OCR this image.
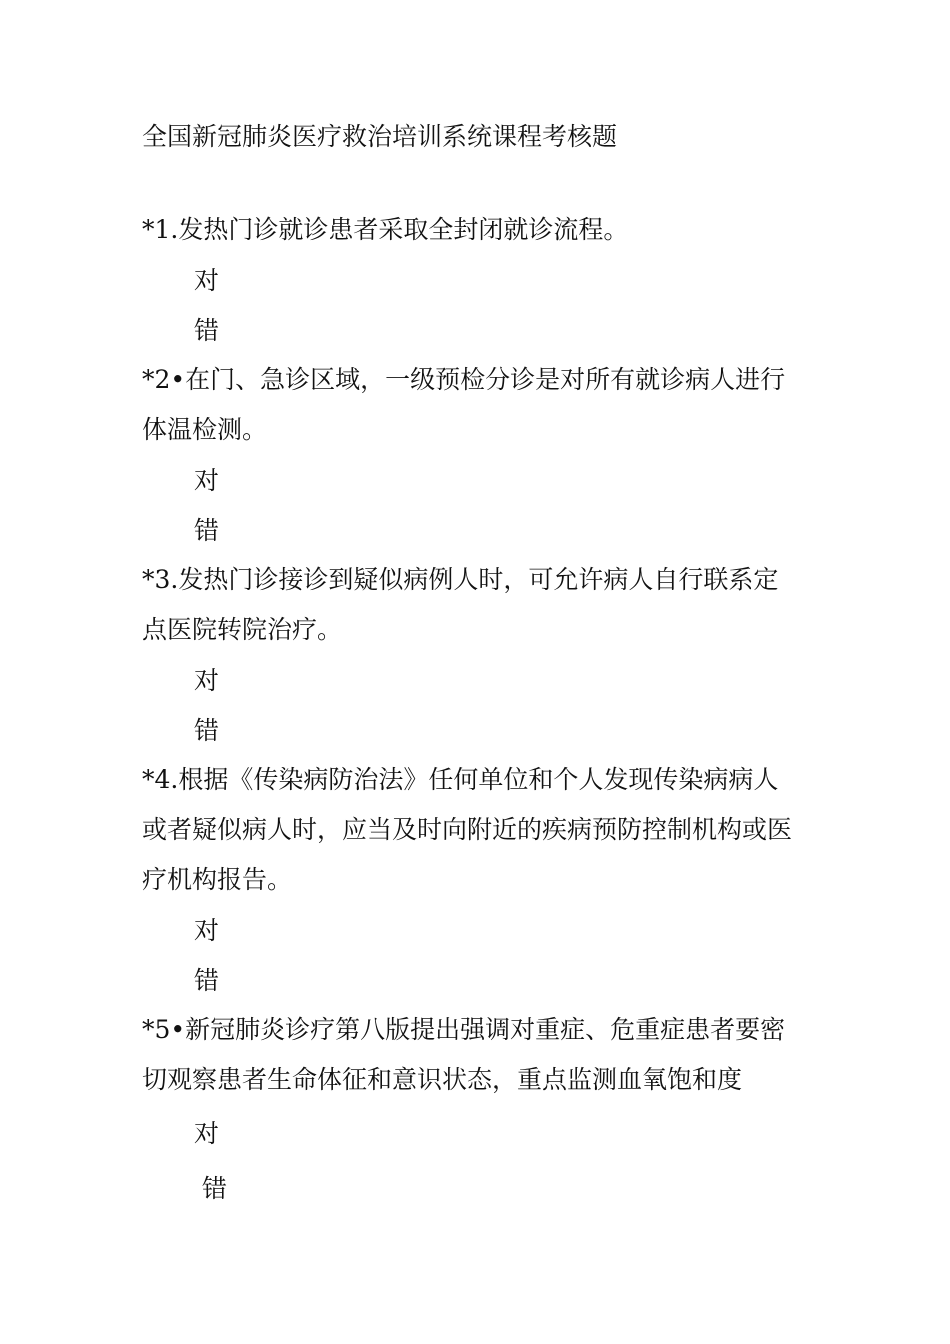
全国新冠肺炎医疗救治培训系统课程考核题
*1.发热门诊就诊患者采取全封闭就诊流程。
对
错
*2•在门、急诊区域，一级预检分诊是对所有就诊病人进行
体温检测。
对
错
*3.发热门诊接诊到疑似病例人时，可允许病人自行联系定
点医院转院治疗。
对
错
*4.根据《传染病防治法》任何单位和个人发现传染病病人
或者疑似病人时，应当及时向附近的疾病预防控制机构或医
疗机构报告。
对
错
*5•新冠肺炎诊疗第八版提出强调对重症、危重症患者要密
切观察患者生命体征和意识状态，重点监测血氧饱和度
对
错
